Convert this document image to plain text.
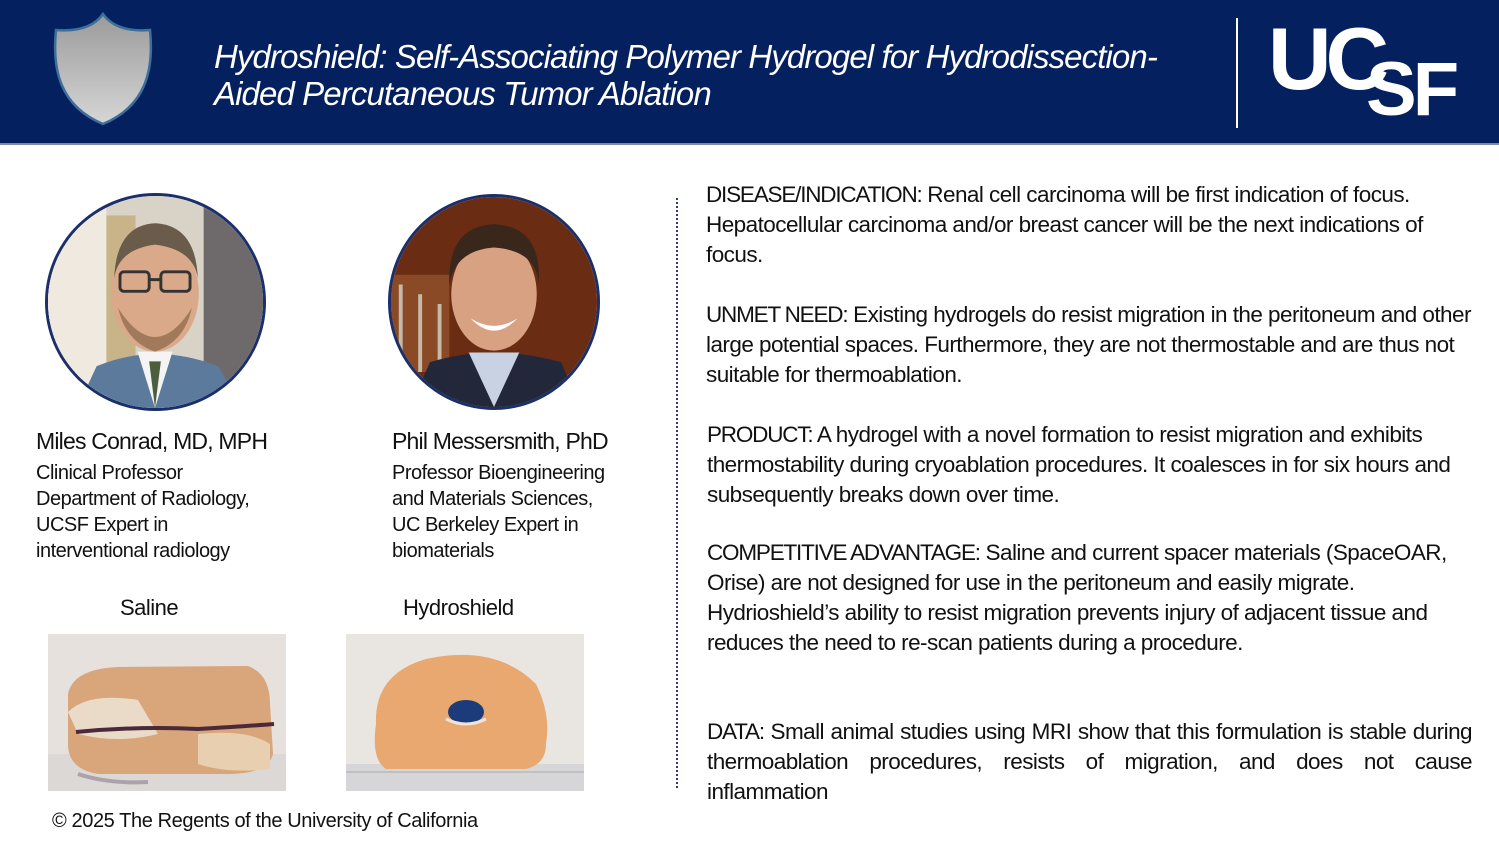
Hydroshield: Self-Associating Polymer Hydrogel for Hydrodissection-
Aided Percutaneous Tumor Ablation	UC
SF
Miles Conrad, MD, MPH
Clinical Professor
Department of Radiology,
UCSF Expert in
interventional radiology
Phil Messersmith, PhD
Professor Bioengineering
and Materials Sciences,
UC Berkeley Expert in
biomaterials
Saline	Hydroshield
© 2025 The Regents of the University of California
DISEASE/INDICATION: Renal cell carcinoma will be first indication of focus. Hepatocellular carcinoma and/or breast cancer will be the next indications of focus.
UNMET NEED: Existing hydrogels do resist migration in the peritoneum and other large potential spaces. Furthermore, they are not thermostable and are thus not suitable for thermoablation.
PRODUCT: A hydrogel with a novel formation to resist migration and exhibits thermostability during cryoablation procedures. It coalesces in for six hours and subsequently breaks down over time.
COMPETITIVE ADVANTAGE: Saline and current spacer materials (SpaceOAR, Orise) are not designed for use in the peritoneum and easily migrate. Hydrioshield’s ability to resist migration prevents injury of adjacent tissue and reduces the need to re-scan patients during a procedure.
DATA: Small animal studies using MRI show that this formulation is stable during thermoablation procedures, resists of migration, and does not cause inflammation
